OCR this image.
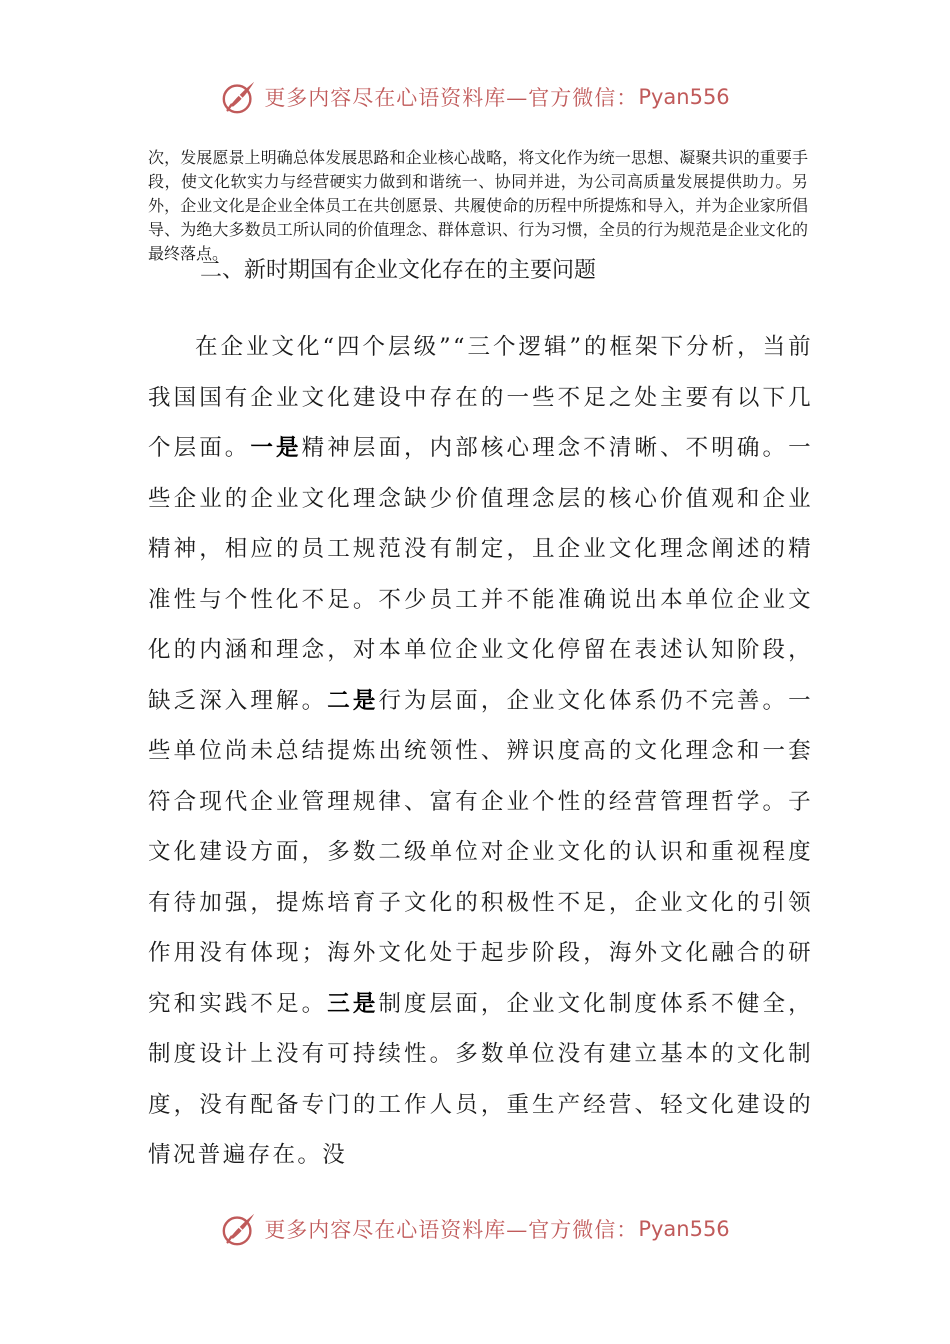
更多内容尽在心语资料库—官方微信： Pyan556

次，发展愿景上明确总体发展思路和企业核心战略，将文化作为统一思想、凝聚共识的重要手段，使文化软实力与经营硬实力做到和谐统一、协同并进，为公司高质量发展提供助力。另外，企业文化是企业全体员工在共创愿景、共履使命的历程中所提炼和导入，并为企业家所倡导、为绝大多数员工所认同的价值理念、群体意识、行为习惯，全员的行为规范是企业文化的最终落点。

二、新时期国有企业文化存在的主要问题

在企业文化“四个层级”“三个逻辑”的框架下分析，当前我国国有企业文化建设中存在的一些不足之处主要有以下几个层面。一是精神层面，内部核心理念不清晰、不明确。一些企业的企业文化理念缺少价值理念层的核心价值观和企业精神，相应的员工规范没有制定，且企业文化理念阐述的精准性与个性化不足。不少员工并不能准确说出本单位企业文化的内涵和理念，对本单位企业文化停留在表述认知阶段，缺乏深入理解。二是行为层面，企业文化体系仍不完善。一些单位尚未总结提炼出统领性、辨识度高的文化理念和一套符合现代企业管理规律、富有企业个性的经营管理哲学。子文化建设方面，多数二级单位对企业文化的认识和重视程度有待加强，提炼培育子文化的积极性不足，企业文化的引领作用没有体现；海外文化处于起步阶段，海外文化融合的研究和实践不足。三是制度层面，企业文化制度体系不健全，制度设计上没有可持续性。多数单位没有建立基本的文化制度，没有配备专门的工作人员，重生产经营、轻文化建设的情况普遍存在。没

更多内容尽在心语资料库—官方微信： Pyan556
